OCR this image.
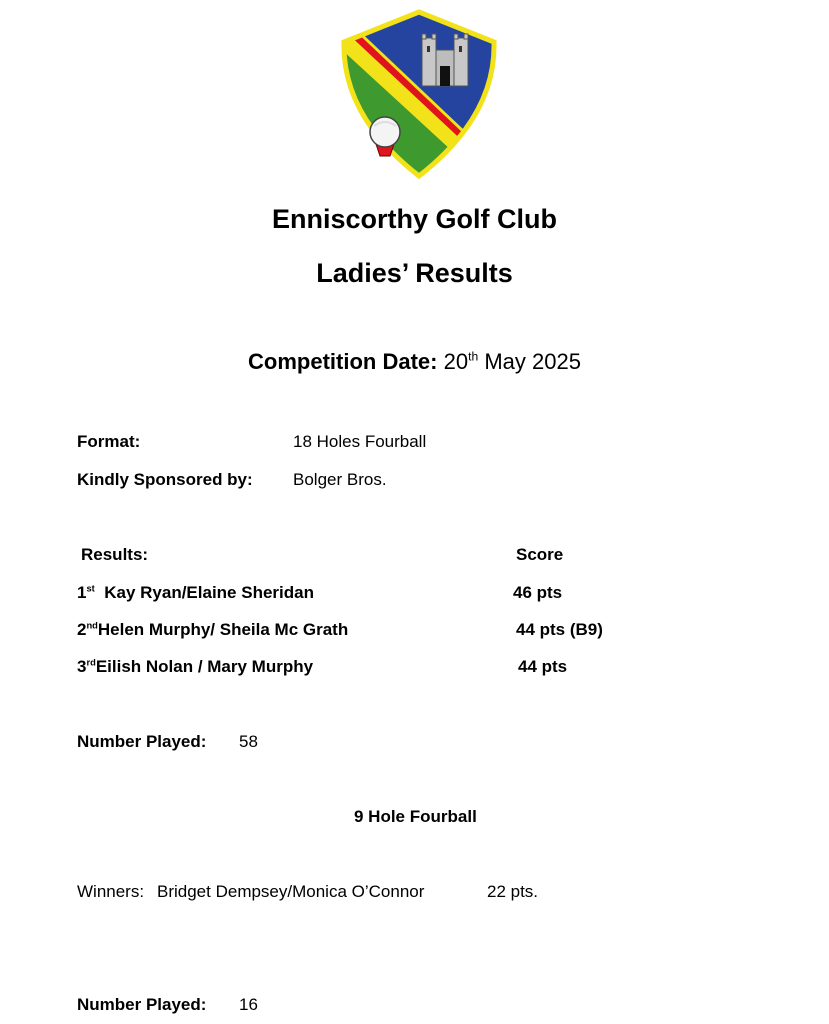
Enniscorthy Golf Club
Ladies’ Results
Competition Date: 20th May 2025
Format:	18 Holes Fourball
Kindly Sponsored by: Bolger Bros.
Results:	Score
1st Kay Ryan/Elaine Sheridan	46 pts
2ndHelen Murphy/ Sheila Mc Grath	44 pts (B9)
3rdEilish Nolan / Mary Murphy	44 pts
Number Played: 58
9 Hole Fourball
Winners: Bridget Dempsey/Monica O’Connor	22 pts.
Number Played: 16
